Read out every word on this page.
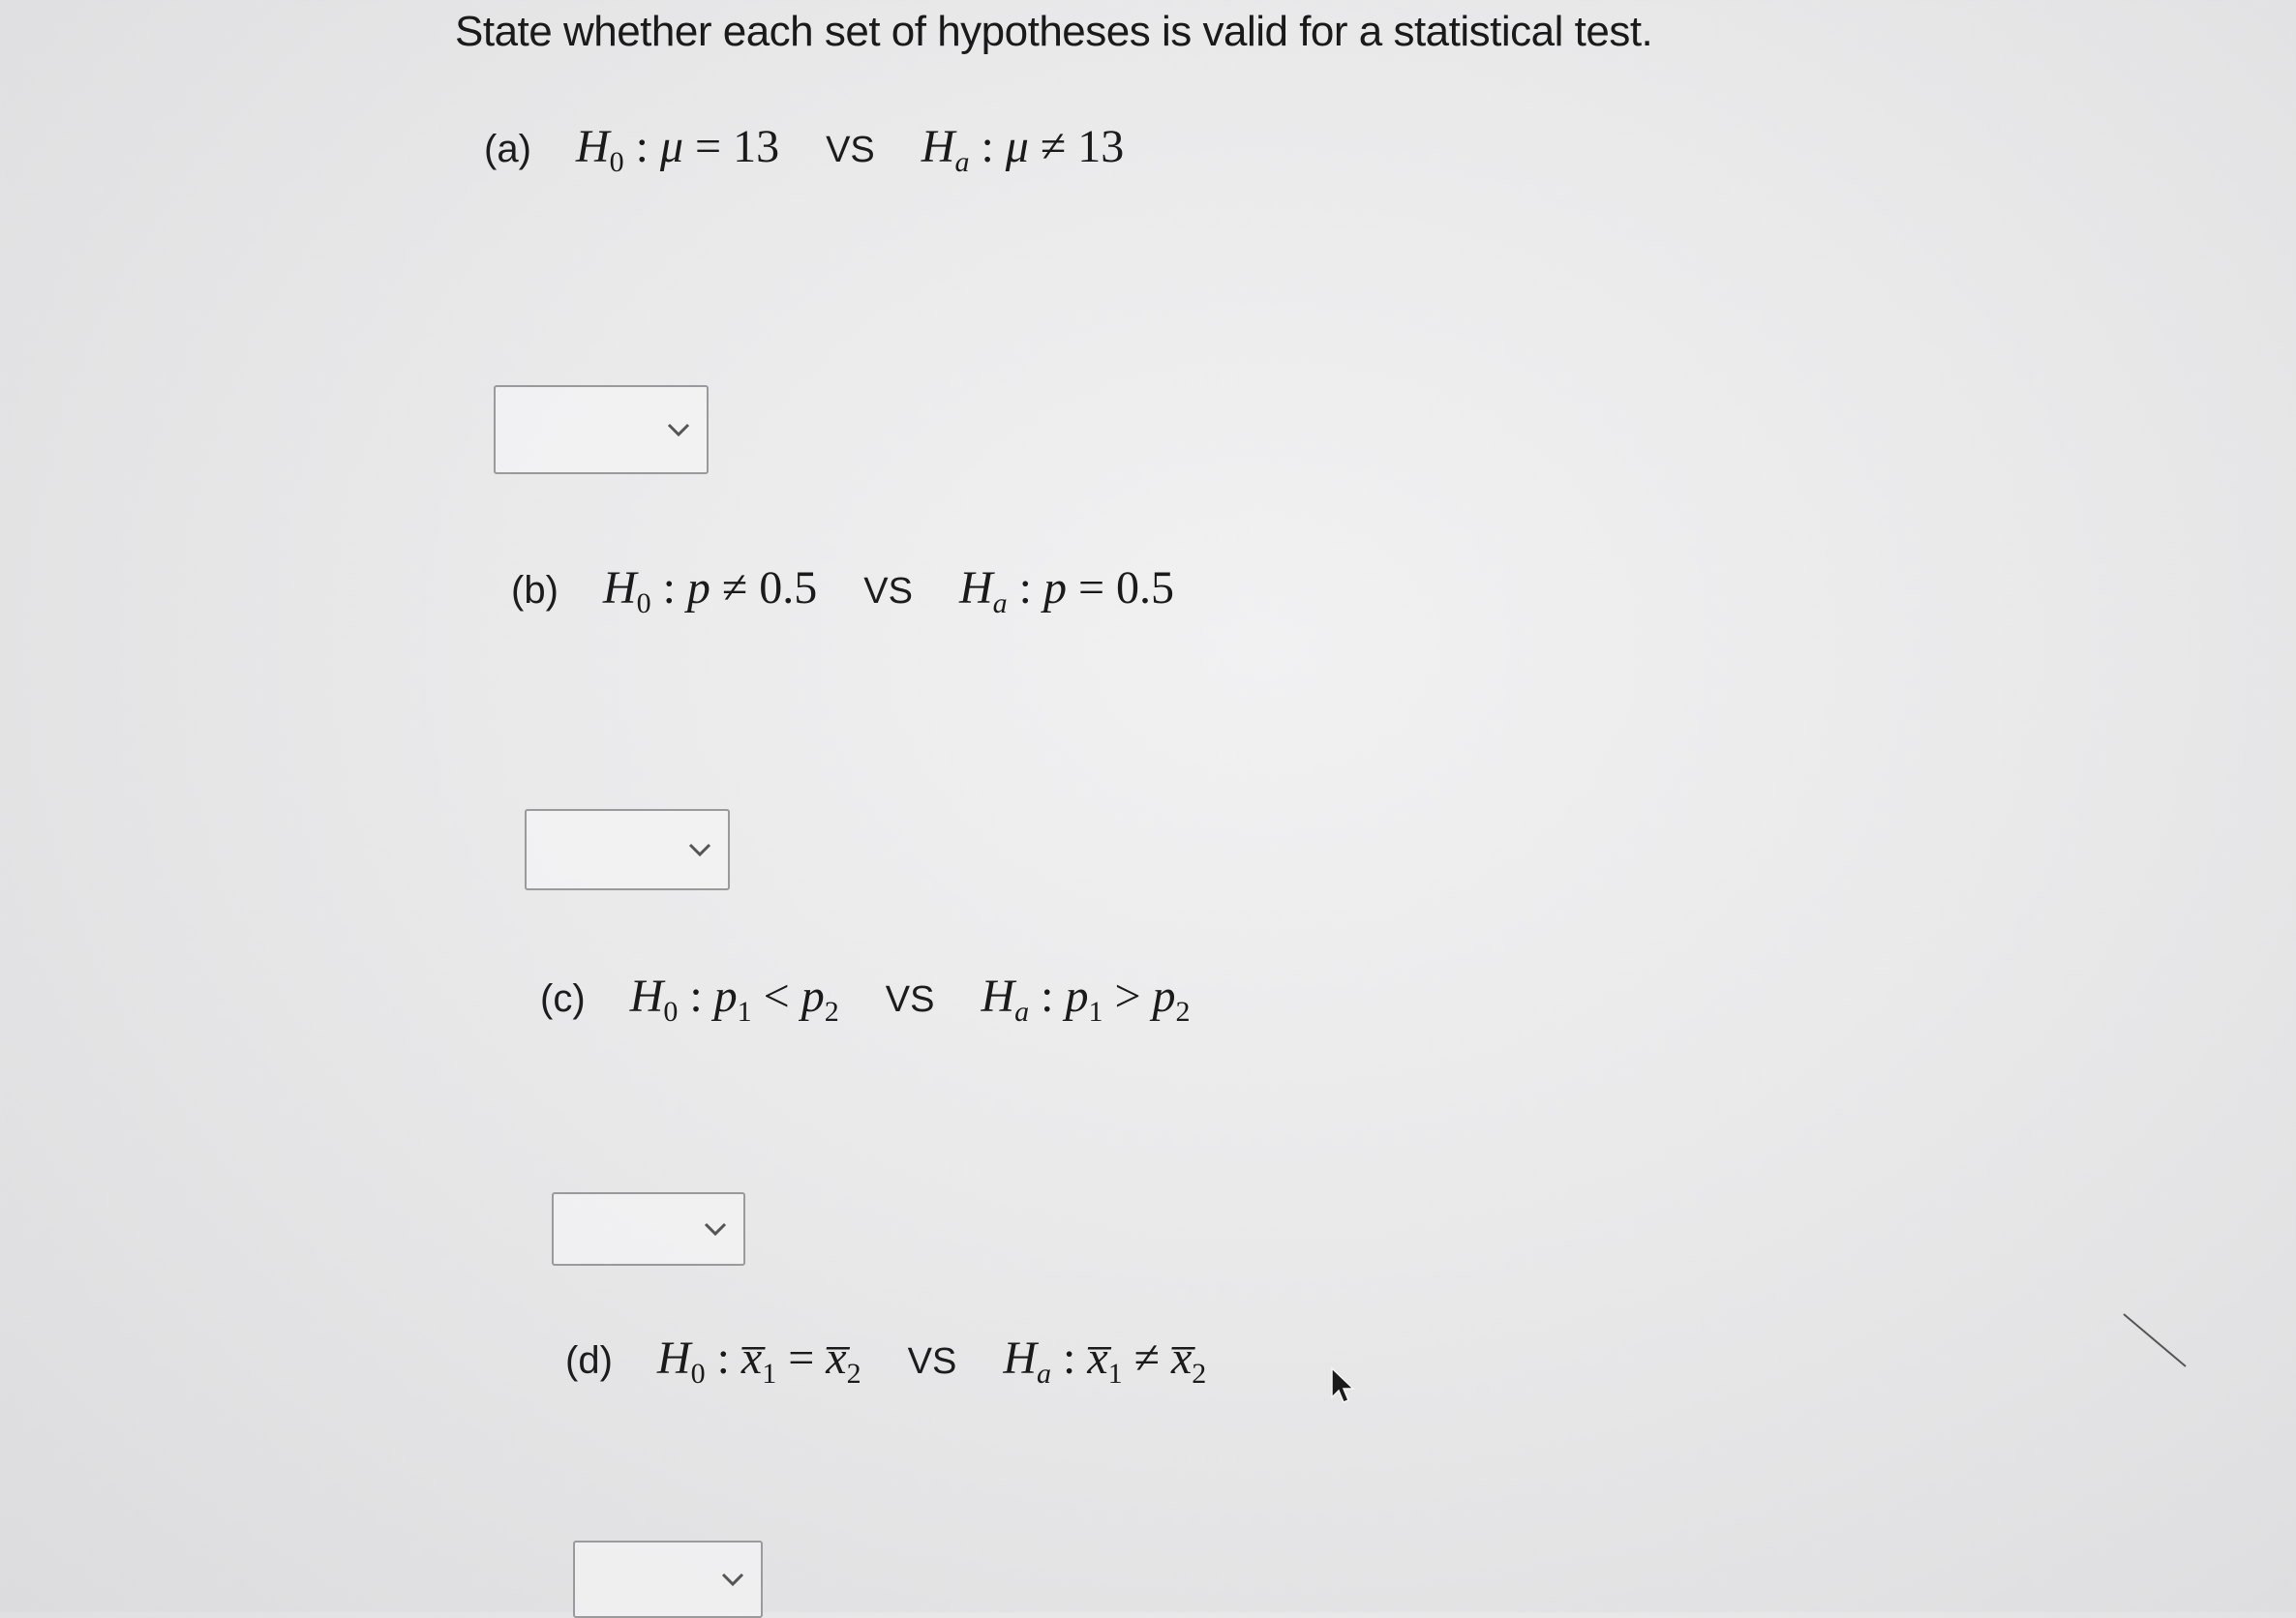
State whether each set of hypotheses is valid for a statistical test.
(a) $H_0$ : μ = 13 VS $H_a$ : μ ≠ 13
(b) $H_0$ : p ≠ 0.5 VS $H_a$ : p = 0.5
(c) $H_0$ : $p_1 < p_2$ VS $H_a$ : $p_1 > p_2$
(d) $H_0$ : $x̅_1$ = $x̅_2$ VS $H_a$ : $x̅_1$ ≠ $x̅_2$
